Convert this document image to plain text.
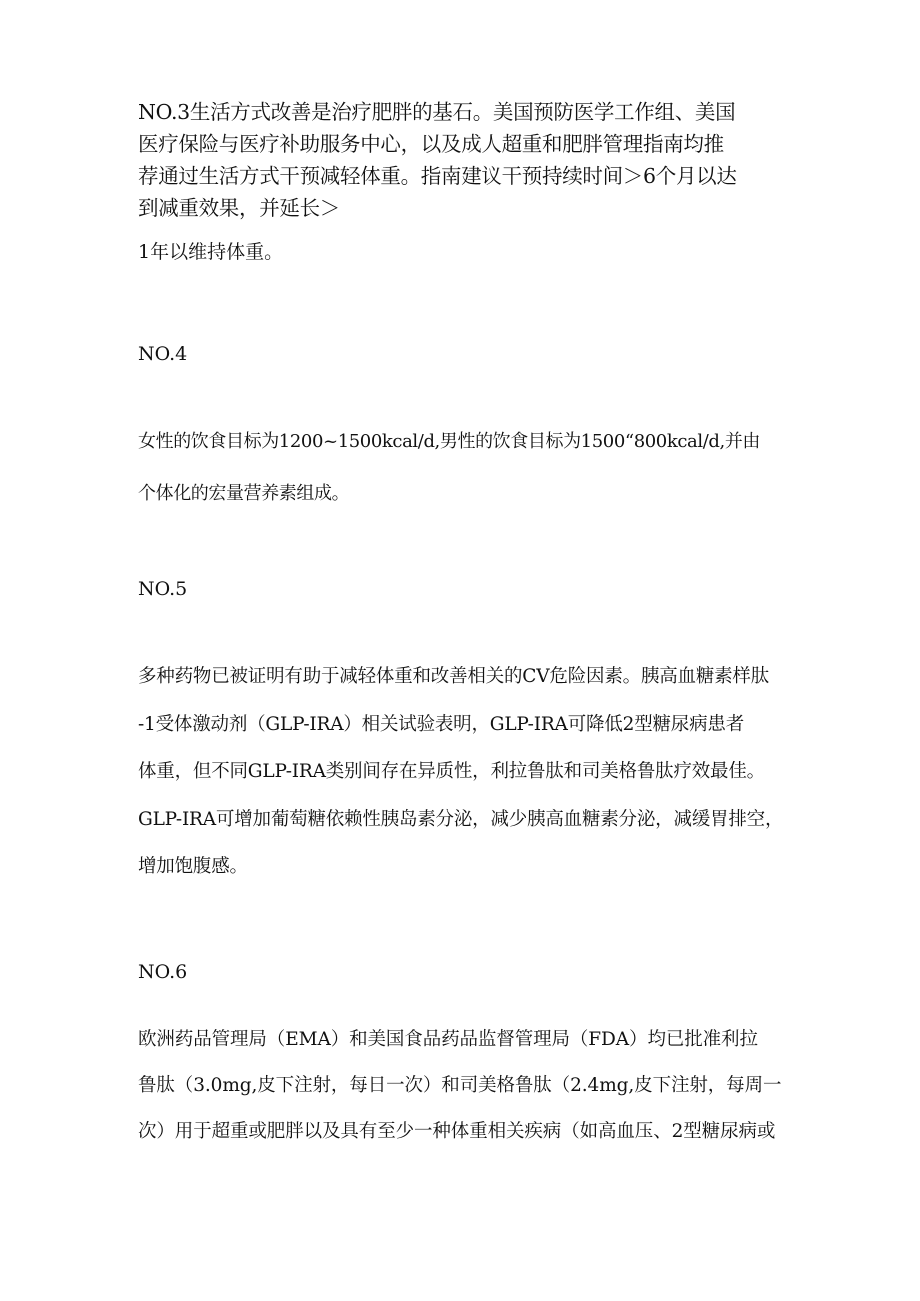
NO.3生活方式改善是治疗肥胖的基石。美国预防医学工作组、美国
医疗保险与医疗补助服务中心，以及成人超重和肥胖管理指南均推
荐通过生活方式干预减轻体重。指南建议干预持续时间＞6个月以达
到减重效果，并延长＞

1年以维持体重。

NO.4

女性的饮食目标为1200~1500kcal/d,男性的饮食目标为1500“800kcal/d,并由
个体化的宏量营养素组成。

NO.5

多种药物已被证明有助于减轻体重和改善相关的CV危险因素。胰高血糖素样肽
-1受体激动剂（GLP-IRA）相关试验表明，GLP-IRA可降低2型糖尿病患者
体重，但不同GLP-IRA类别间存在异质性，利拉鲁肽和司美格鲁肽疗效最佳。
GLP-IRA可增加葡萄糖依赖性胰岛素分泌，减少胰高血糖素分泌，减缓胃排空，
增加饱腹感。

NO.6

欧洲药品管理局（EMA）和美国食品药品监督管理局（FDA）均已批准利拉
鲁肽（3.0mg,皮下注射，每日一次）和司美格鲁肽（2.4mg,皮下注射，每周一
次）用于超重或肥胖以及具有至少一种体重相关疾病（如高血压、2型糖尿病或
